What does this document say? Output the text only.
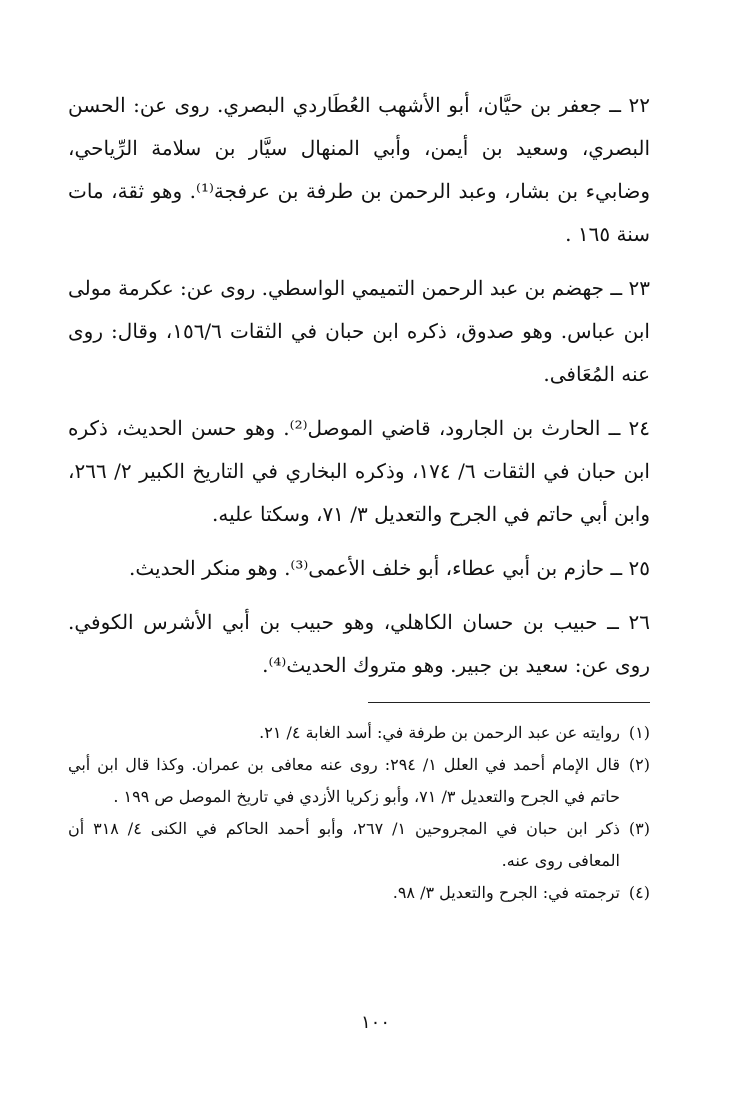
٢٢ ــ جعفر بن حيَّان، أبو الأشهب العُطَاردي البصري. روى عن: الحسن البصري، وسعيد بن أيمن، وأبي المنهال سيَّار بن سلامة الرِّياحي، وضابيء بن بشار، وعبد الرحمن بن طرفة بن عرفجة⁽¹⁾. وهو ثقة، مات سنة ١٦٥ .

٢٣ ــ جهضم بن عبد الرحمن التميمي الواسطي. روى عن: عكرمة مولى ابن عباس. وهو صدوق، ذكره ابن حبان في الثقات ١٥٦/٦، وقال: روى عنه المُعَافى.

٢٤ ــ الحارث بن الجارود، قاضي الموصل⁽²⁾. وهو حسن الحديث، ذكره ابن حبان في الثقات ٦/ ١٧٤، وذكره البخاري في التاريخ الكبير ٢/ ٢٦٦، وابن أبي حاتم في الجرح والتعديل ٣/ ٧١، وسكتا عليه.

٢٥ ــ حازم بن أبي عطاء، أبو خلف الأعمى⁽³⁾. وهو منكر الحديث.

٢٦ ــ حبيب بن حسان الكاهلي، وهو حبيب بن أبي الأشرس الكوفي. روى عن: سعيد بن جبير. وهو متروك الحديث⁽⁴⁾.

(١)
روايته عن عبد الرحمن بن طرفة في: أسد الغابة ٤/ ٢١.
(٢)
قال الإمام أحمد في العلل ١/ ٢٩٤: روى عنه معافى بن عمران. وكذا قال ابن أبي حاتم في الجرح والتعديل ٣/ ٧١، وأبو زكريا الأزدي في تاريخ الموصل ص ١٩٩ .
(٣)
ذكر ابن حبان في المجروحين ١/ ٢٦٧، وأبو أحمد الحاكم في الكنى ٤/ ٣١٨ أن المعافى روى عنه.
(٤)
ترجمته في: الجرح والتعديل ٣/ ٩٨.
١٠٠
